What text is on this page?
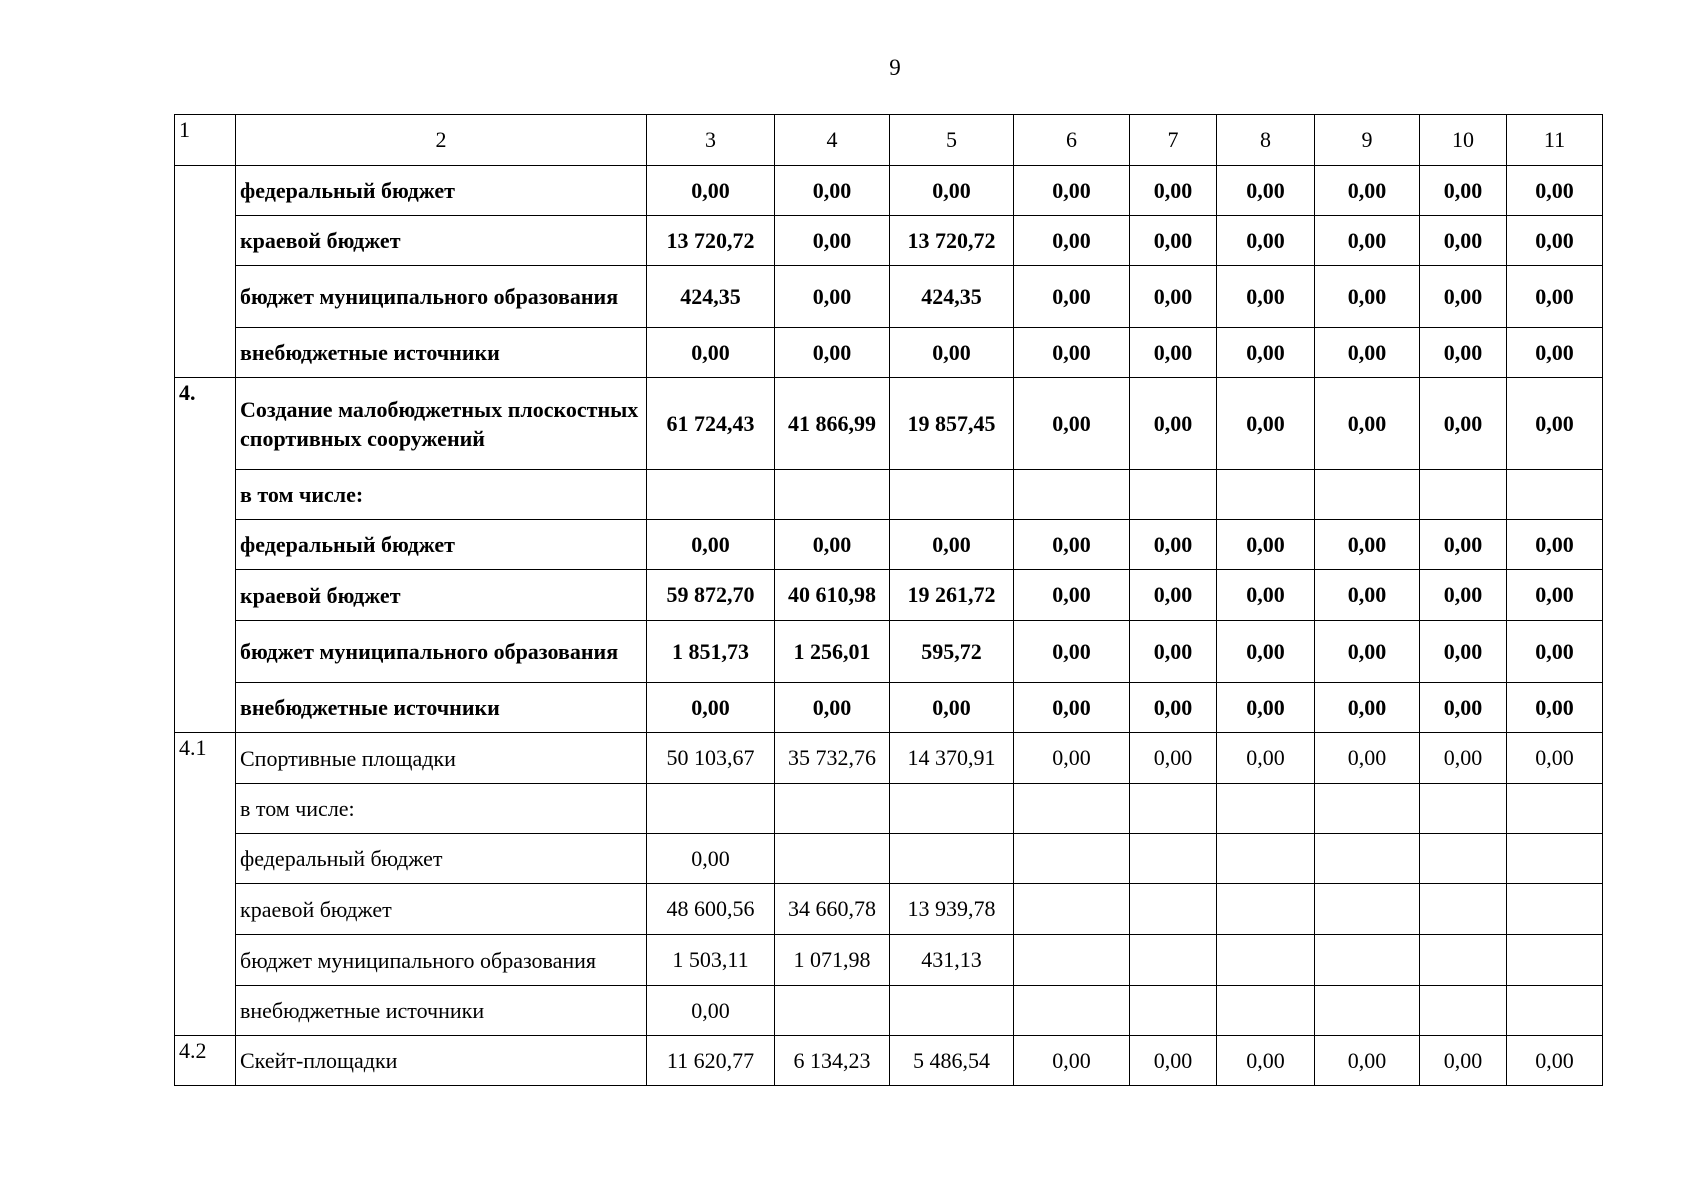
9
1	2	3	4	5	6	7	8	9	10	11
	федеральный бюджет	0,00	0,00	0,00	0,00	0,00	0,00	0,00	0,00	0,00
	краевой бюджет	13 720,72	0,00	13 720,72	0,00	0,00	0,00	0,00	0,00	0,00
	бюджет муниципального образования	424,35	0,00	424,35	0,00	0,00	0,00	0,00	0,00	0,00
	внебюджетные источники	0,00	0,00	0,00	0,00	0,00	0,00	0,00	0,00	0,00
4.	Создание малобюджетных плоскостных спортивных сооружений	61 724,43	41 866,99	19 857,45	0,00	0,00	0,00	0,00	0,00	0,00
	в том числе:									
	федеральный бюджет	0,00	0,00	0,00	0,00	0,00	0,00	0,00	0,00	0,00
	краевой бюджет	59 872,70	40 610,98	19 261,72	0,00	0,00	0,00	0,00	0,00	0,00
	бюджет муниципального образования	1 851,73	1 256,01	595,72	0,00	0,00	0,00	0,00	0,00	0,00
	внебюджетные источники	0,00	0,00	0,00	0,00	0,00	0,00	0,00	0,00	0,00
4.1	Спортивные площадки	50 103,67	35 732,76	14 370,91	0,00	0,00	0,00	0,00	0,00	0,00
	в том числе:									
	федеральный бюджет	0,00								
	краевой бюджет	48 600,56	34 660,78	13 939,78						
	бюджет муниципального образования	1 503,11	1 071,98	431,13						
	внебюджетные источники	0,00								
4.2	Скейт-площадки	11 620,77	6 134,23	5 486,54	0,00	0,00	0,00	0,00	0,00	0,00
